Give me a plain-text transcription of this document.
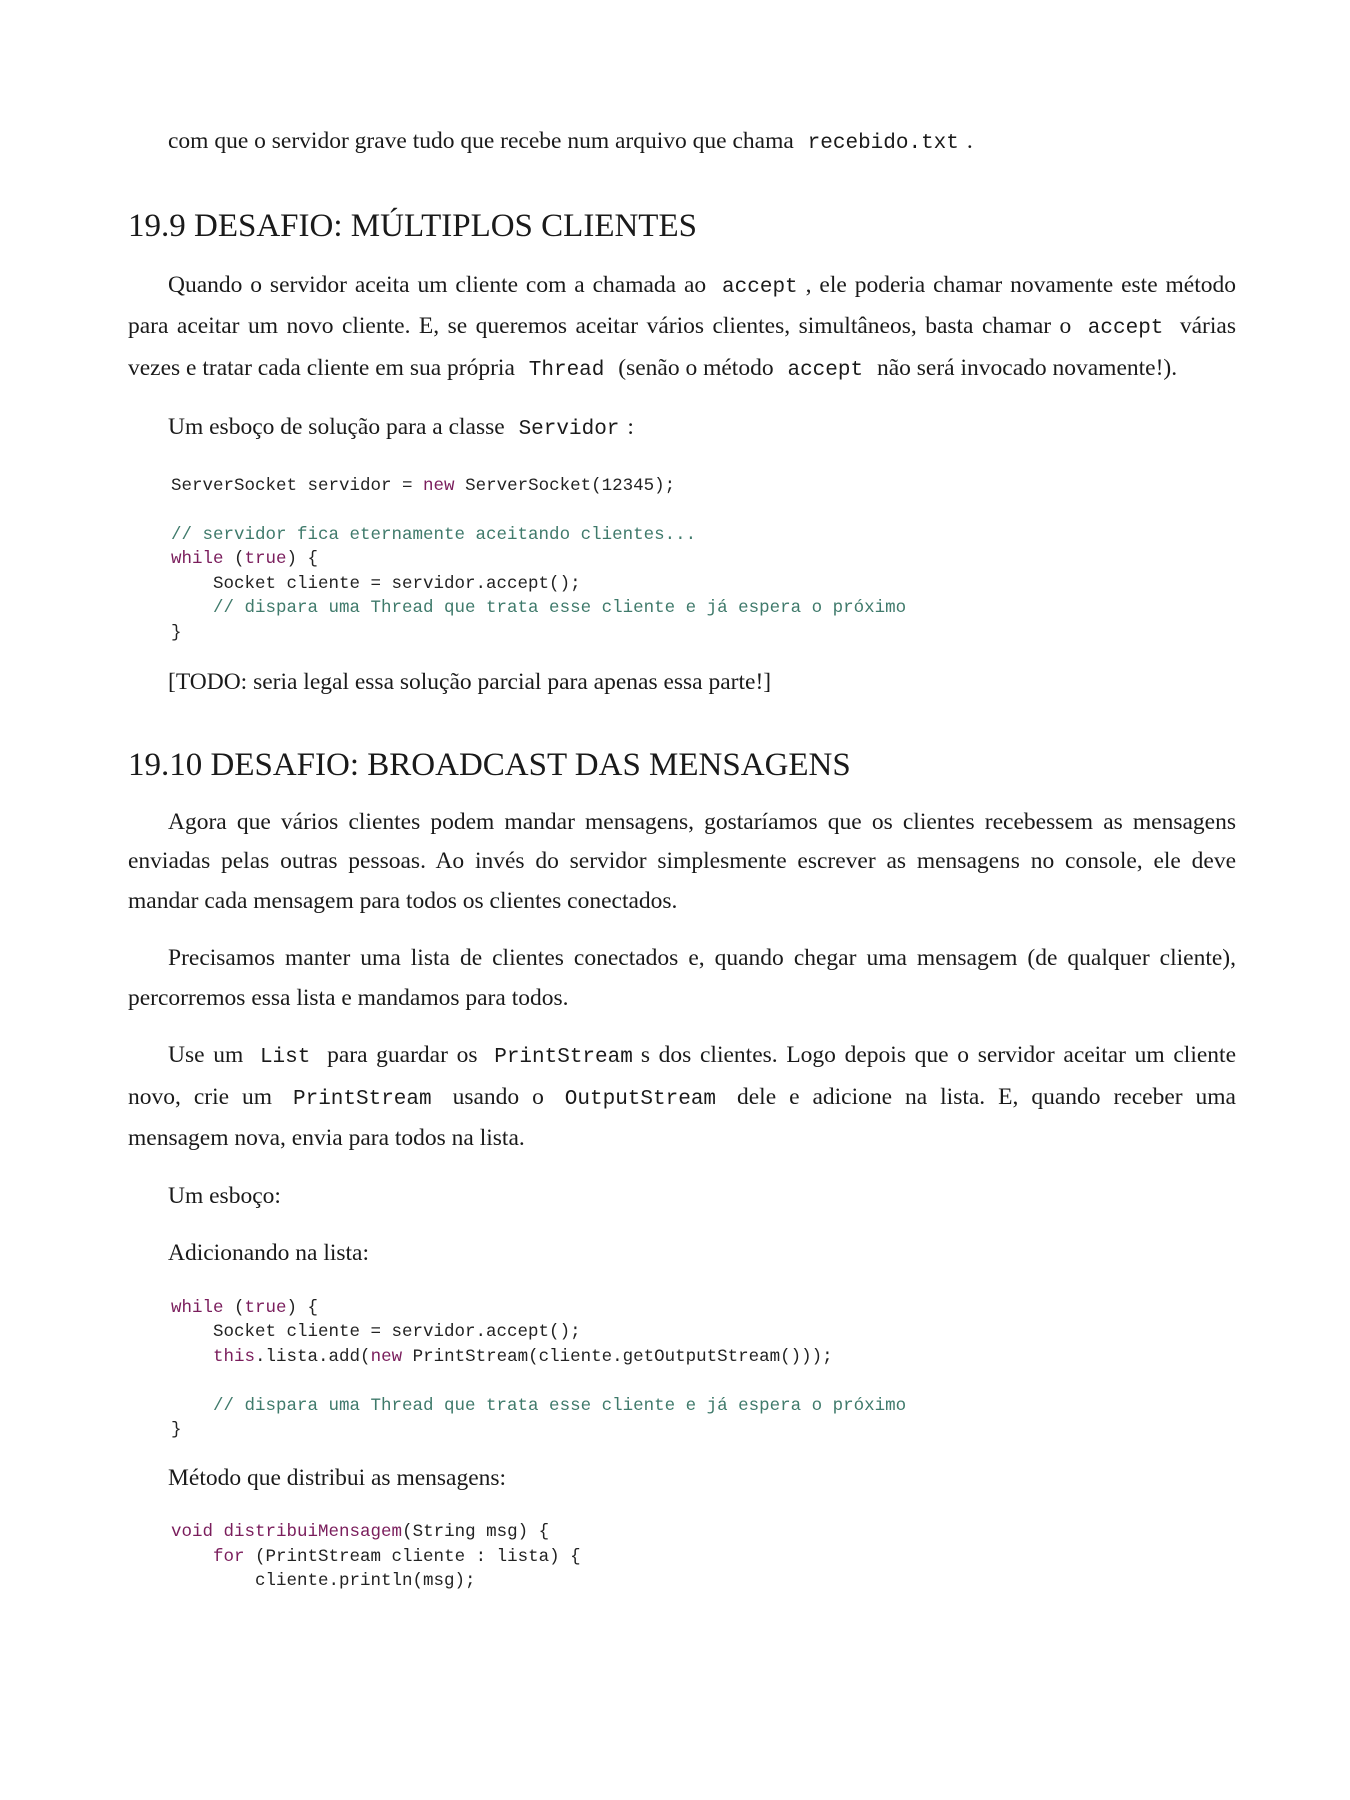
com que o servidor grave tudo que recebe num arquivo que chama recebido.txt .

19.9 DESAFIO: MÚLTIPLOS CLIENTES

Quando o servidor aceita um cliente com a chamada ao accept , ele poderia chamar novamente este método para aceitar um novo cliente. E, se queremos aceitar vários clientes, simultâneos, basta chamar o accept várias vezes e tratar cada cliente em sua própria Thread (senão o método accept não será invocado novamente!).

Um esboço de solução para a classe Servidor :

ServerSocket servidor = new ServerSocket(12345);

// servidor fica eternamente aceitando clientes...
while (true) {
Socket cliente = servidor.accept();
// dispara uma Thread que trata esse cliente e já espera o próximo
}

[TODO: seria legal essa solução parcial para apenas essa parte!]

19.10 DESAFIO: BROADCAST DAS MENSAGENS

Agora que vários clientes podem mandar mensagens, gostaríamos que os clientes recebessem as mensagens enviadas pelas outras pessoas. Ao invés do servidor simplesmente escrever as mensagens no console, ele deve mandar cada mensagem para todos os clientes conectados.

Precisamos manter uma lista de clientes conectados e, quando chegar uma mensagem (de qualquer cliente), percorremos essa lista e mandamos para todos.

Use um List para guardar os PrintStream s dos clientes. Logo depois que o servidor aceitar um cliente novo, crie um PrintStream usando o OutputStream dele e adicione na lista. E, quando receber uma mensagem nova, envia para todos na lista.

Um esboço:

Adicionando na lista:

while (true) {
Socket cliente = servidor.accept();
this.lista.add(new PrintStream(cliente.getOutputStream()));

// dispara uma Thread que trata esse cliente e já espera o próximo
}

Método que distribui as mensagens:

void distribuiMensagem(String msg) {
for (PrintStream cliente : lista) {
cliente.println(msg);
